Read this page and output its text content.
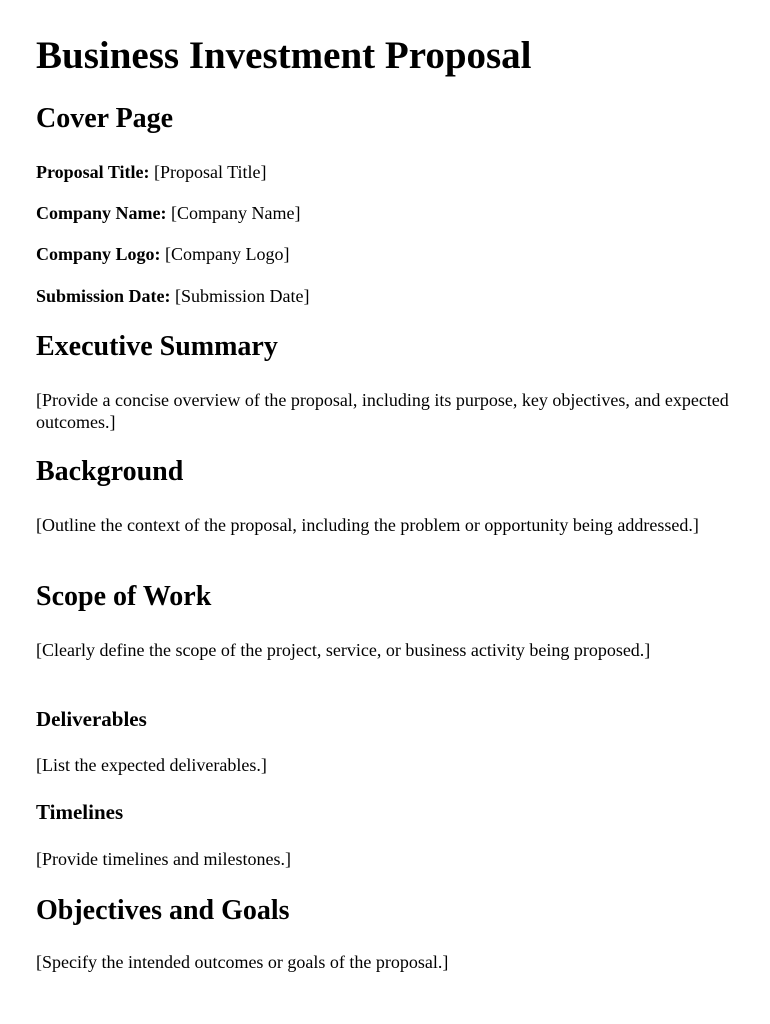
Business Investment Proposal
Cover Page

Proposal Title: [Proposal Title]

Company Name: [Company Name]

Company Logo: [Company Logo]

Submission Date: [Submission Date]

Executive Summary

[Provide a concise overview of the proposal, including its purpose, key objectives, and expected outcomes.]

Background

[Outline the context of the proposal, including the problem or opportunity being addressed.]

Scope of Work

[Clearly define the scope of the project, service, or business activity being proposed.]

Deliverables

[List the expected deliverables.]

Timelines

[Provide timelines and milestones.]

Objectives and Goals

[Specify the intended outcomes or goals of the proposal.]
